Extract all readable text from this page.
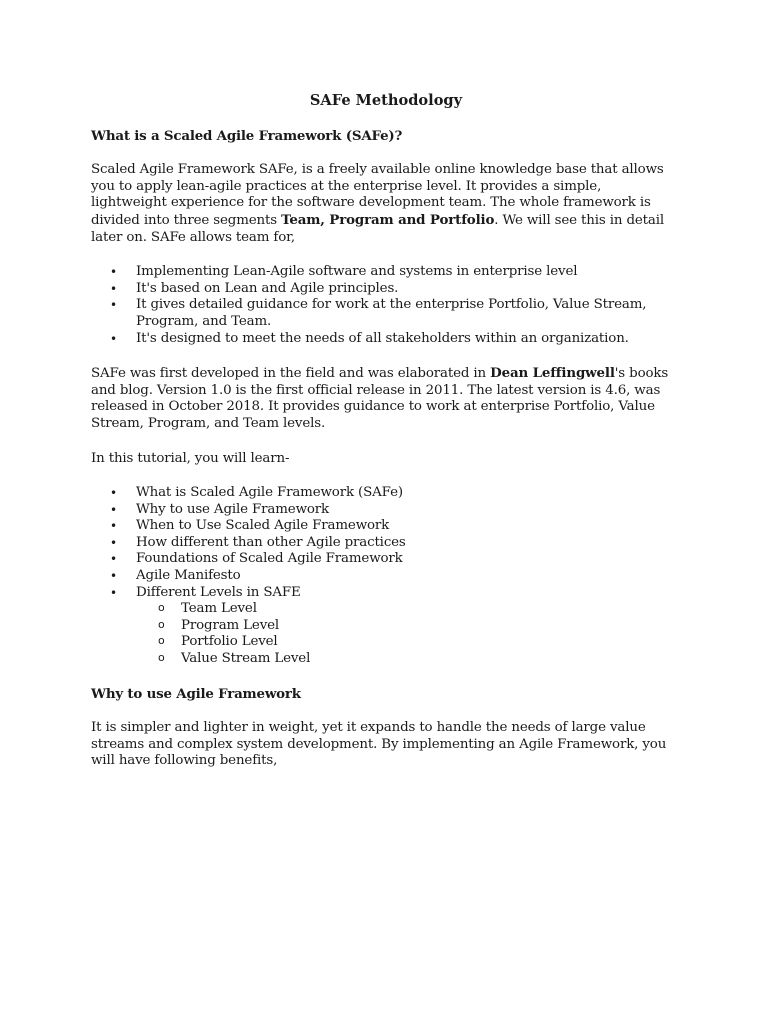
SAFe Methodology
What is a Scaled Agile Framework (SAFe)?
Scaled Agile Framework SAFe, is a freely available online knowledge base that allows you to apply lean-agile practices at the enterprise level. It provides a simple, lightweight experience for the software development team. The whole framework is divided into three segments Team, Program and Portfolio. We will see this in detail later on. SAFe allows team for,
• Implementing Lean-Agile software and systems in enterprise level
• It's based on Lean and Agile principles.
• It gives detailed guidance for work at the enterprise Portfolio, Value Stream, Program, and Team.
• It's designed to meet the needs of all stakeholders within an organization.
SAFe was first developed in the field and was elaborated in Dean Leffingwell's books and blog. Version 1.0 is the first official release in 2011. The latest version is 4.6, was released in October 2018. It provides guidance to work at enterprise Portfolio, Value Stream, Program, and Team levels.
In this tutorial, you will learn-
• What is Scaled Agile Framework (SAFe)
• Why to use Agile Framework
• When to Use Scaled Agile Framework
• How different than other Agile practices
• Foundations of Scaled Agile Framework
• Agile Manifesto
• Different Levels in SAFE
o Team Level
o Program Level
o Portfolio Level
o Value Stream Level
Why to use Agile Framework
It is simpler and lighter in weight, yet it expands to handle the needs of large value streams and complex system development. By implementing an Agile Framework, you will have following benefits,
